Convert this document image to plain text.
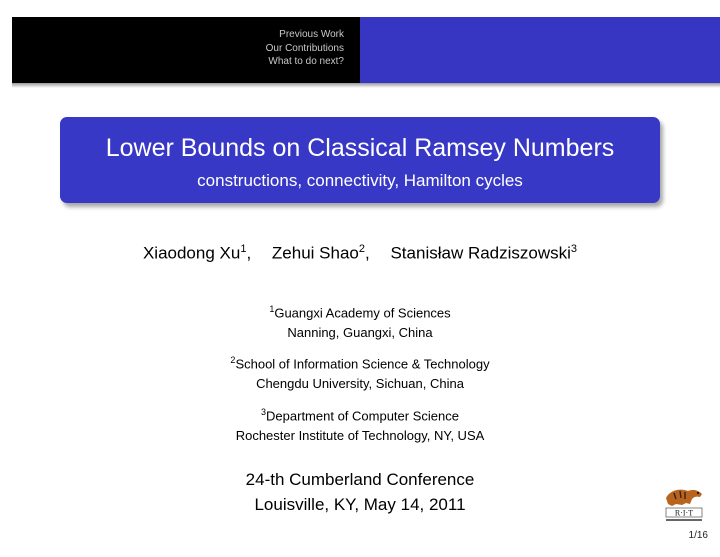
Previous Work
Our Contributions
What to do next?
Lower Bounds on Classical Ramsey Numbers
constructions, connectivity, Hamilton cycles
Xiaodong Xu$^1$, Zehui Shao$^2$, Stanisław Radziszowski$^3$
$^1$Guangxi Academy of Sciences
Nanning, Guangxi, China
$^2$School of Information Science & Technology
Chengdu University, Sichuan, China
$^3$Department of Computer Science
Rochester Institute of Technology, NY, USA
24-th Cumberland Conference
Louisville, KY, May 14, 2011	R·I·T
1/16
